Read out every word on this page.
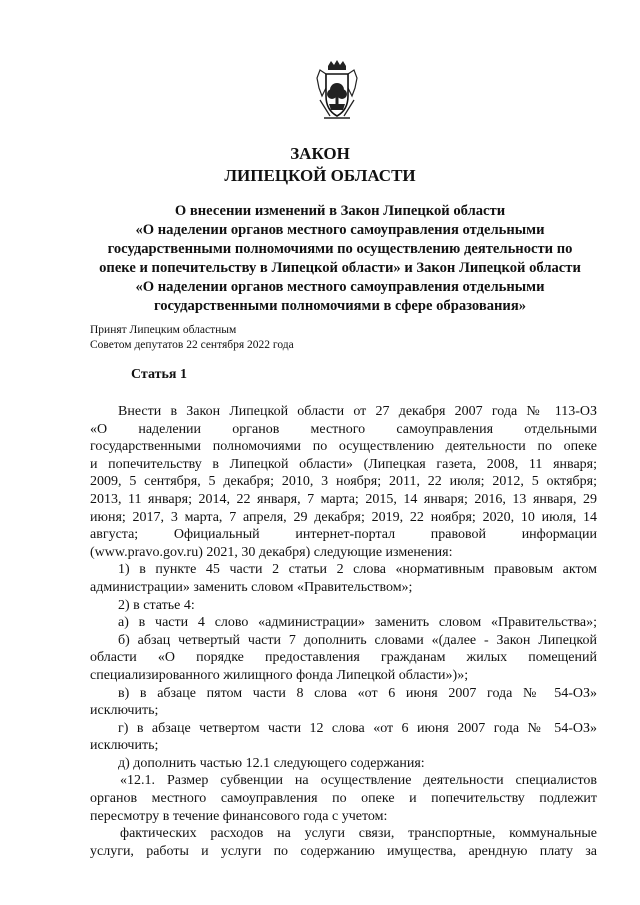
ЗАКОН
ЛИПЕЦКОЙ ОБЛАСТИ
О внесении изменений в Закон Липецкой области
«О наделении органов местного самоуправления отдельными
государственными полномочиями по осуществлению деятельности по
опеке и попечительству в Липецкой области» и Закон Липецкой области
«О наделении органов местного самоуправления отдельными
государственными полномочиями в сфере образования»
Принят Липецким областным
Советом депутатов 22 сентября 2022 года
Статья 1

Внести в Закон Липецкой области от 27 декабря 2007 года № 113-ОЗ

«О наделении органов местного самоуправления отдельными

государственными полномочиями по осуществлению деятельности по опеке

и попечительству в Липецкой области» (Липецкая газета, 2008, 11 января;

2009, 5 сентября, 5 декабря; 2010, 3 ноября; 2011, 22 июля; 2012, 5 октября;

2013, 11 января; 2014, 22 января, 7 марта; 2015, 14 января; 2016, 13 января, 29

июня; 2017, 3 марта, 7 апреля, 29 декабря; 2019, 22 ноября; 2020, 10 июля, 14

августа; Официальный интернет-портал правовой информации

(www.pravo.gov.ru) 2021, 30 декабря) следующие изменения:

1) в пункте 45 части 2 статьи 2 слова «нормативным правовым актом

администрации» заменить словом «Правительством»;

2) в статье 4:

а) в части 4 слово «администрации» заменить словом «Правительства»;

б) абзац четвертый части 7 дополнить словами «(далее - Закон Липецкой

области «О порядке предоставления гражданам жилых помещений

специализированного жилищного фонда Липецкой области»)»;

в) в абзаце пятом части 8 слова «от 6 июня 2007 года № 54-ОЗ»

исключить;

г) в абзаце четвертом части 12 слова «от 6 июня 2007 года № 54-ОЗ»

исключить;

д) дополнить частью 12.1 следующего содержания:

«12.1. Размер субвенции на осуществление деятельности специалистов

органов местного самоуправления по опеке и попечительству подлежит

пересмотру в течение финансового года с учетом:

фактических расходов на услуги связи, транспортные, коммунальные

услуги, работы и услуги по содержанию имущества, арендную плату за
